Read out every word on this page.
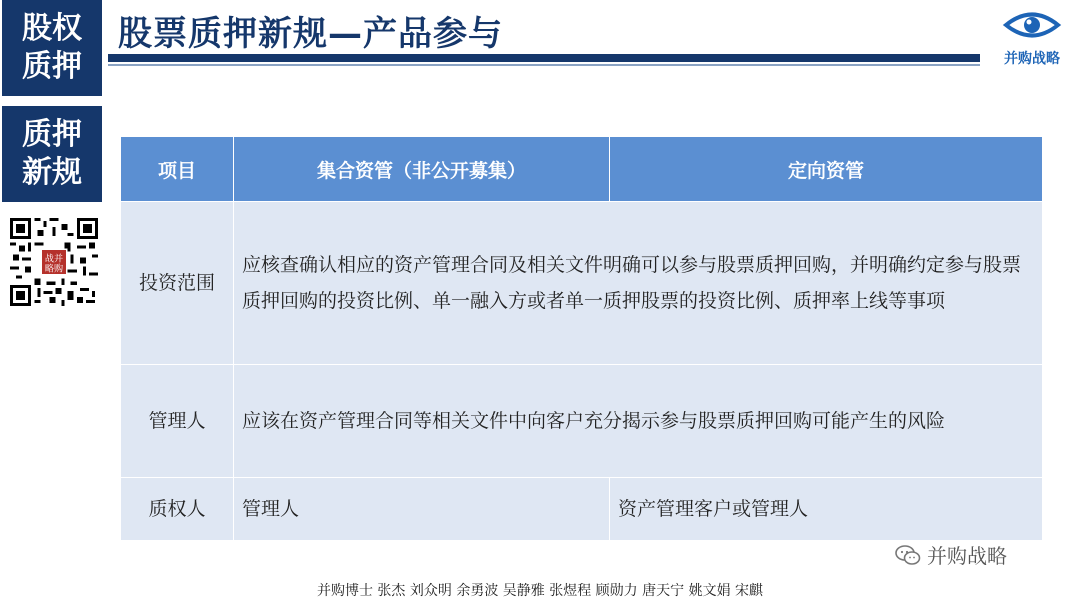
股权
质押
质押
新规
股票质押新规—产品参与
并购战略
战并
略购
项目	集合资管（非公开募集）	定向资管
投资范围	应核查确认相应的资产管理合同及相关文件明确可以参与股票质押回购，并明确约定参与股票质押回购的投资比例、单一融入方或者单一质押股票的投资比例、质押率上线等事项	
管理人	应该在资产管理合同等相关文件中向客户充分揭示参与股票质押回购可能产生的风险	
质权人	管理人	资产管理客户或管理人
并购战略
并购博士 张杰 刘众明 余勇波 吴静雅 张煜程 顾勋力 唐天宁 姚文娟 宋麒
